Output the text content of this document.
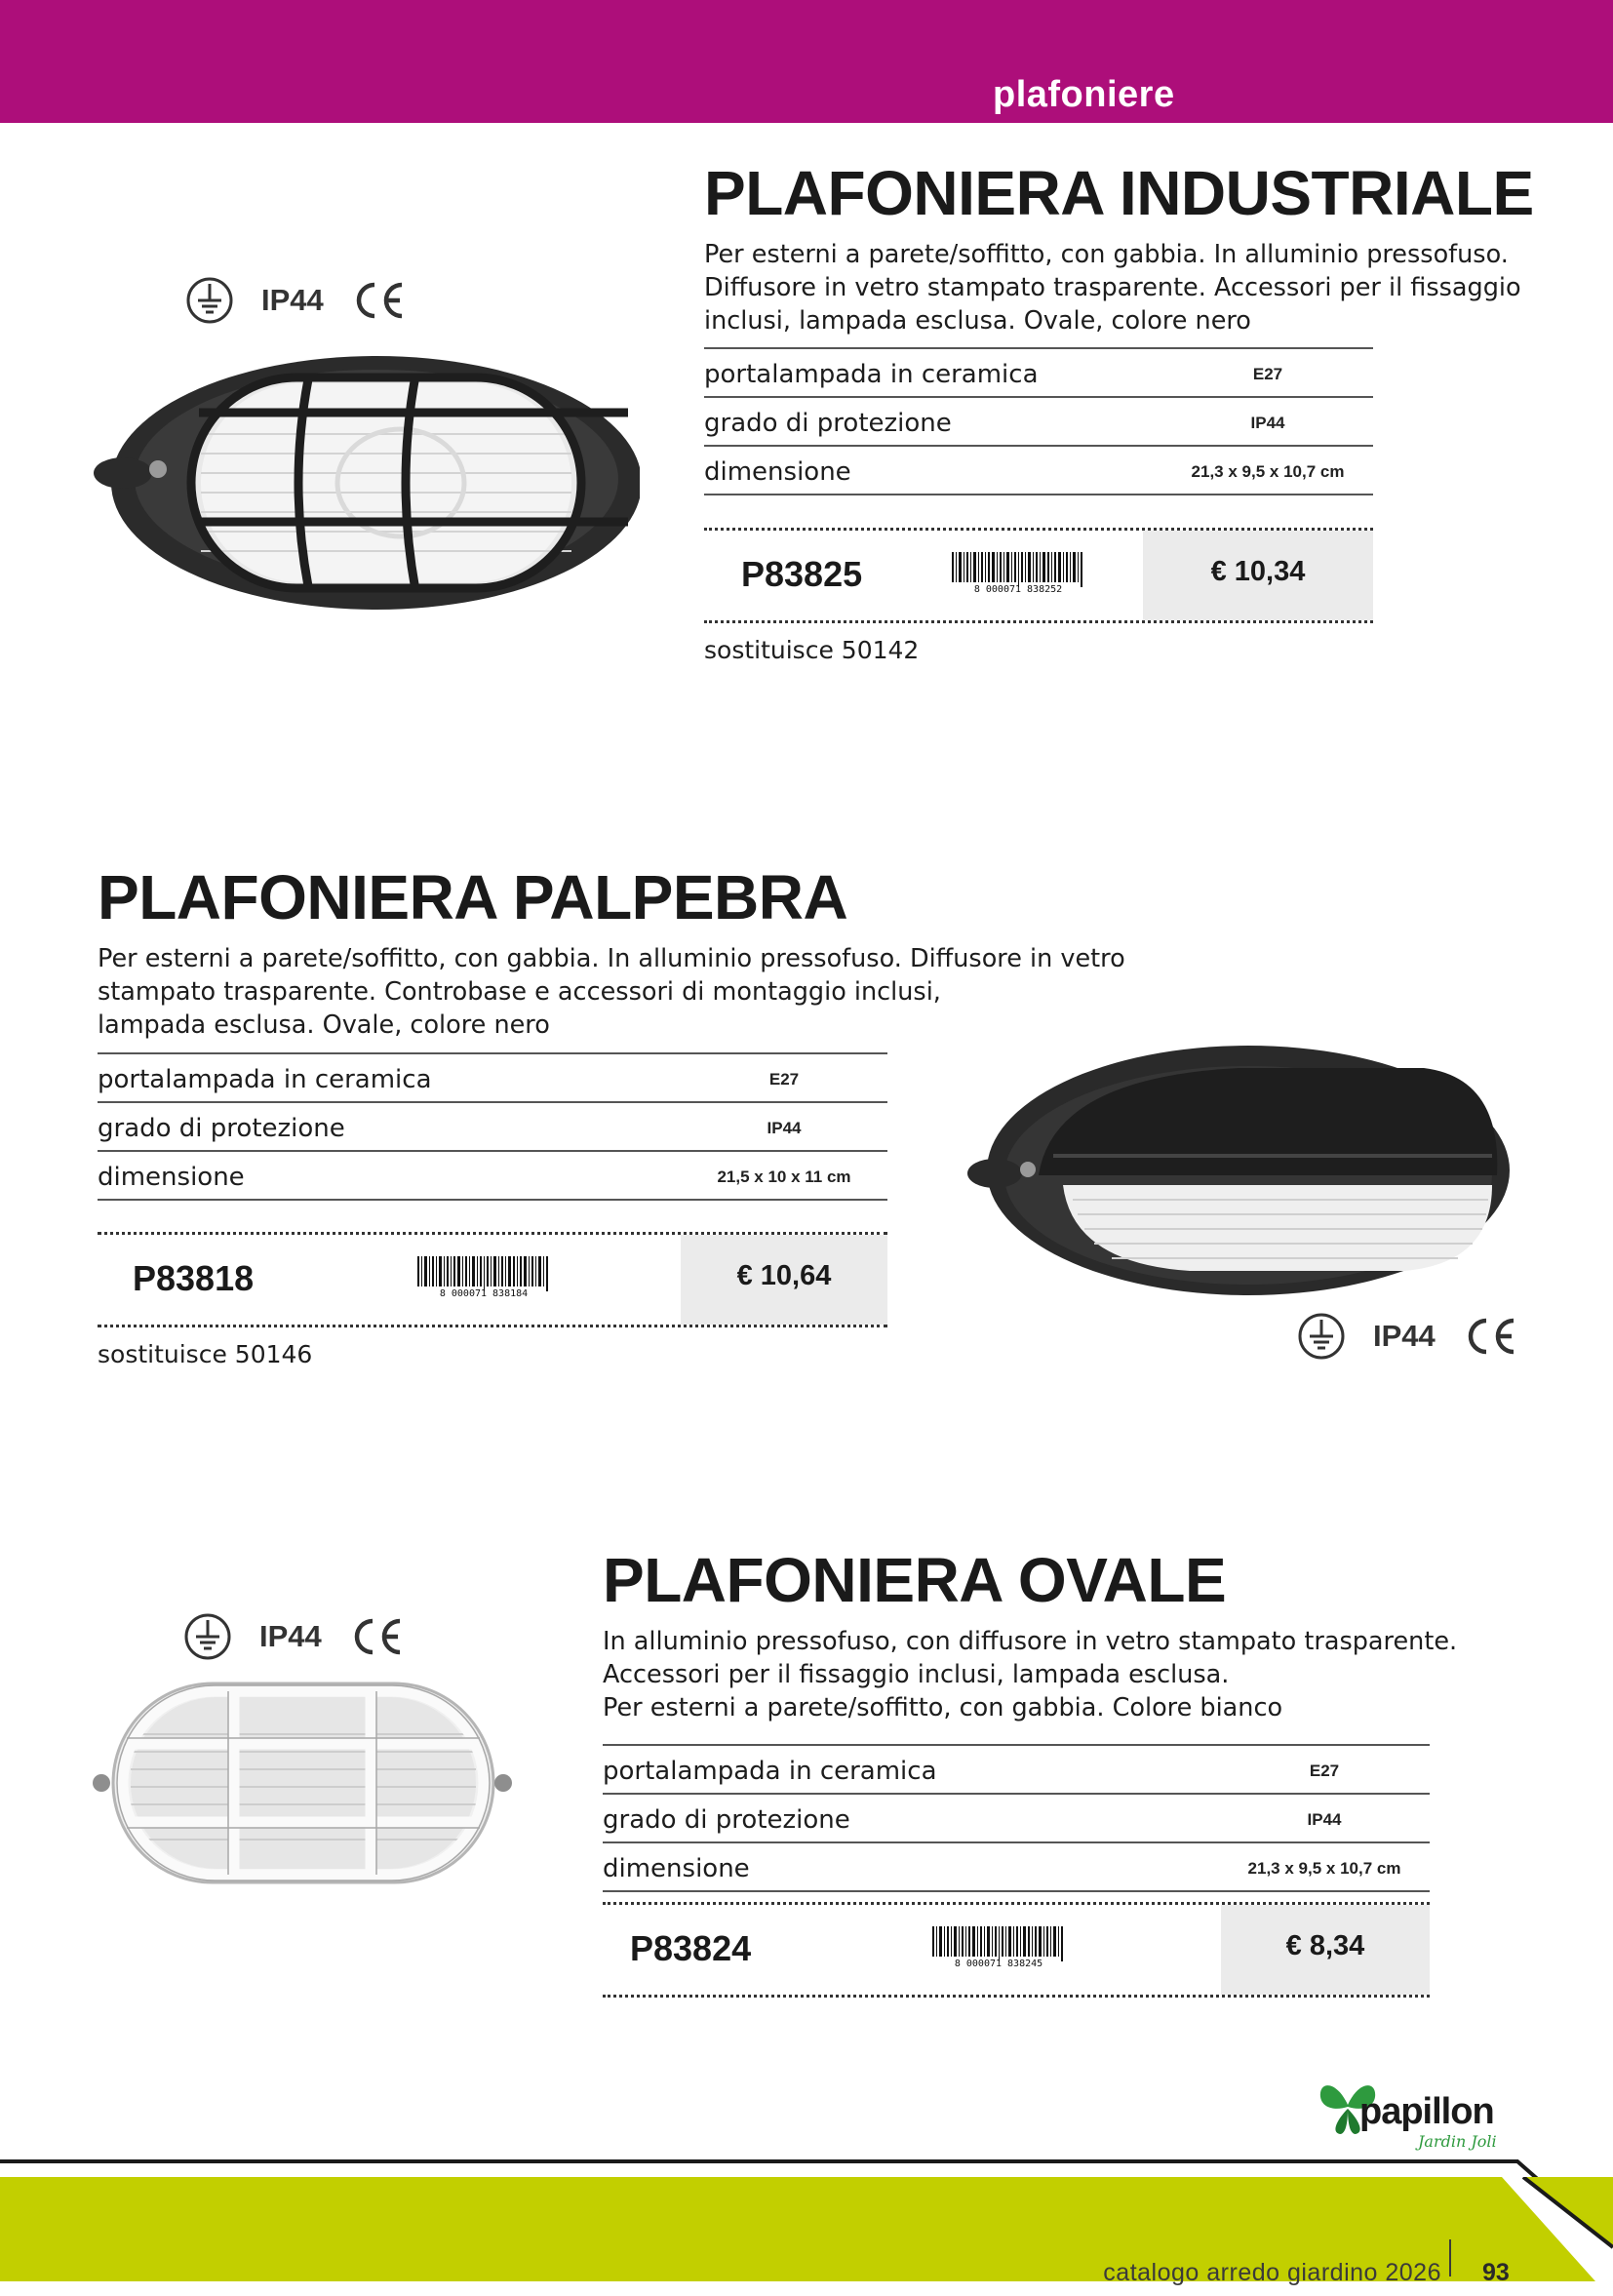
plafoniere
IP44
PLAFONIERA INDUSTRIALE
Per esterni a parete/soffitto, con gabbia. In alluminio pressofuso.
Diffusore in vetro stampato trasparente. Accessori per il fissaggio
inclusi, lampada esclusa. Ovale, colore nero
portalampada in ceramica	E27
grado di protezione	IP44
dimensione	21,3 x 9,5 x 10,7 cm
P83825	8 000071 838252
€ 10,34
sostituisce 50142
PLAFONIERA PALPEBRA
Per esterni a parete/soffitto, con gabbia. In alluminio pressofuso. Diffusore in vetro
stampato trasparente. Controbase e accessori di montaggio inclusi,
lampada esclusa. Ovale, colore nero
portalampada in ceramica	E27
grado di protezione	IP44
dimensione	21,5 x 10 x 11 cm
P83818	8 000071 838184
€ 10,64
sostituisce 50146
IP44
IP44
PLAFONIERA OVALE
In alluminio pressofuso, con diffusore in vetro stampato trasparente.
Accessori per il fissaggio inclusi, lampada esclusa.
Per esterni a parete/soffitto, con gabbia. Colore bianco
portalampada in ceramica	E27
grado di protezione	IP44
dimensione	21,3 x 9,5 x 10,7 cm
P83824	8 000071 838245
€ 8,34
papillon
Jardin Joli
catalogo arredo giardino 2026 93
